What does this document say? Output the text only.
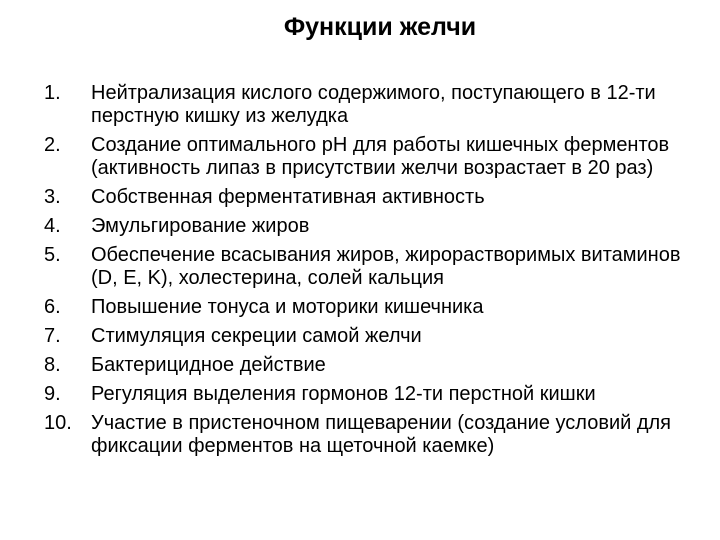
Функции желчи
1.	Нейтрализация кислого содержимого, поступающего в 12-ти перстную кишку из желудка
2.	Создание оптимального pH для работы кишечных ферментов (активность липаз в присутствии желчи возрастает в 20 раз)
3.	Собственная ферментативная активность
4.	Эмульгирование жиров
5.	Обеспечение всасывания жиров, жирорастворимых витаминов (D, E, K), холестерина, солей кальция
6.	Повышение тонуса и моторики кишечника
7.	Стимуляция секреции самой желчи
8.	Бактерицидное действие
9.	Регуляция выделения гормонов 12-ти перстной кишки
10. Участие в пристеночном пищеварении (создание условий для фиксации ферментов на щеточной каемке)
